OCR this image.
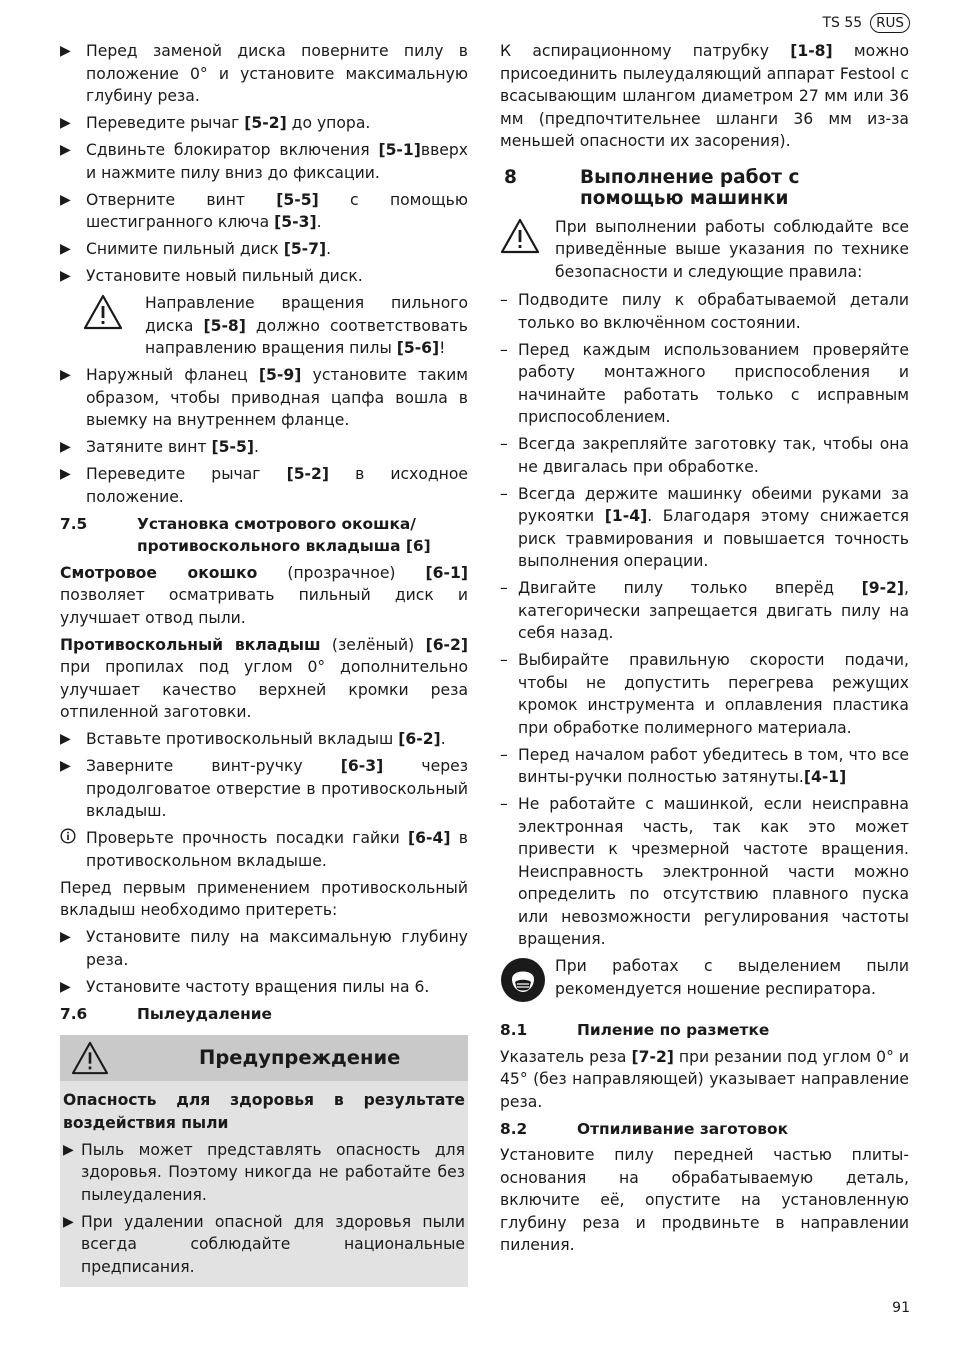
TS 55	RUS
▶ Перед заменой диска поверните пилу в положение 0° и установите максимальную глубину реза.
▶ Переведите рычаг [5-2] до упора.
▶ Сдвиньте блокиратор включения [5-1]вверх и нажмите пилу вниз до фиксации.
▶ Отверните винт [5-5] с помощью шестигранного ключа [5-3].
▶ Снимите пильный диск [5-7].
▶ Установите новый пильный диск.
Направление вращения пильного диска [5-8] должно соответствовать направлению вращения пилы [5-6]!
▶ Наружный фланец [5-9] установите таким образом, чтобы приводная цапфа вошла в выемку на внутреннем фланце.
▶ Затяните винт [5-5].
▶ Переведите рычаг [5-2] в исходное положение.
7.5	Установка смотрового окошка/ противоскольного вкладыша [6]

Смотровое окошко (прозрачное) [6-1] позволяет осматривать пильный диск и улучшает отвод пыли.

Противоскольный вкладыш (зелёный) [6-2] при пропилах под углом 0° дополнительно улучшает качество верхней кромки реза отпиленной заготовки.

▶ Вставьте противоскольный вкладыш [6-2].
▶ Заверните винт-ручку [6-3] через продолговатое отверстие в противоскольный вкладыш.
Проверьте прочность посадки гайки [6-4] в противоскольном вкладыше.

Перед первым применением противоскольный вкладыш необходимо притереть:

▶ Установите пилу на максимальную глубину реза.
▶ Установите частоту вращения пилы на 6.
7.6	Пылеудаление
Предупреждение

Опасность для здоровья в результате воздействия пыли

▶ Пыль может представлять опасность для здоровья. Поэтому никогда не работайте без пылеудаления.
▶ При удалении опасной для здоровья пыли всегда соблюдайте национальные предписания.

К аспирационному патрубку [1-8] можно присоединить пылеудаляющий аппарат Festool с всасывающим шлангом диаметром 27 мм или 36 мм (предпочтительнее шланги 36 мм из-за меньшей опасности их засорения).

8	Выполнение работ с помощью машинки
При выполнении работы соблюдайте все приведённые выше указания по технике безопасности и следующие правила:
– Подводите пилу к обрабатываемой детали только во включённом состоянии.
– Перед каждым использованием проверяйте работу монтажного приспособления и начинайте работать только с исправным приспособлением.
– Всегда закрепляйте заготовку так, чтобы она не двигалась при обработке.
– Всегда держите машинку обеими руками за рукоятки [1-4]. Благодаря этому снижается риск травмирования и повышается точность выполнения операции.
– Двигайте пилу только вперёд [9-2], категорически запрещается двигать пилу на себя назад.
– Выбирайте правильную скорости подачи, чтобы не допустить перегрева режущих кромок инструмента и оплавления пластика при обработке полимерного материала.
– Перед началом работ убедитесь в том, что все винты-ручки полностью затянуты.[4-1]
– Не работайте с машинкой, если неисправна электронная часть, так как это может привести к чрезмерной частоте вращения. Неисправность электронной части можно определить по отсутствию плавного пуска или невозможности регулирования частоты вращения.
При работах с выделением пыли рекомендуется ношение респиратора.
8.1	Пиление по разметке

Указатель реза [7-2] при резании под углом 0° и 45° (без направляющей) указывает направление реза.

8.2	Отпиливание заготовок

Установите пилу передней частью плиты-основания на обрабатываемую деталь, включите её, опустите на установленную глубину реза и продвиньте в направлении пиления.

91
